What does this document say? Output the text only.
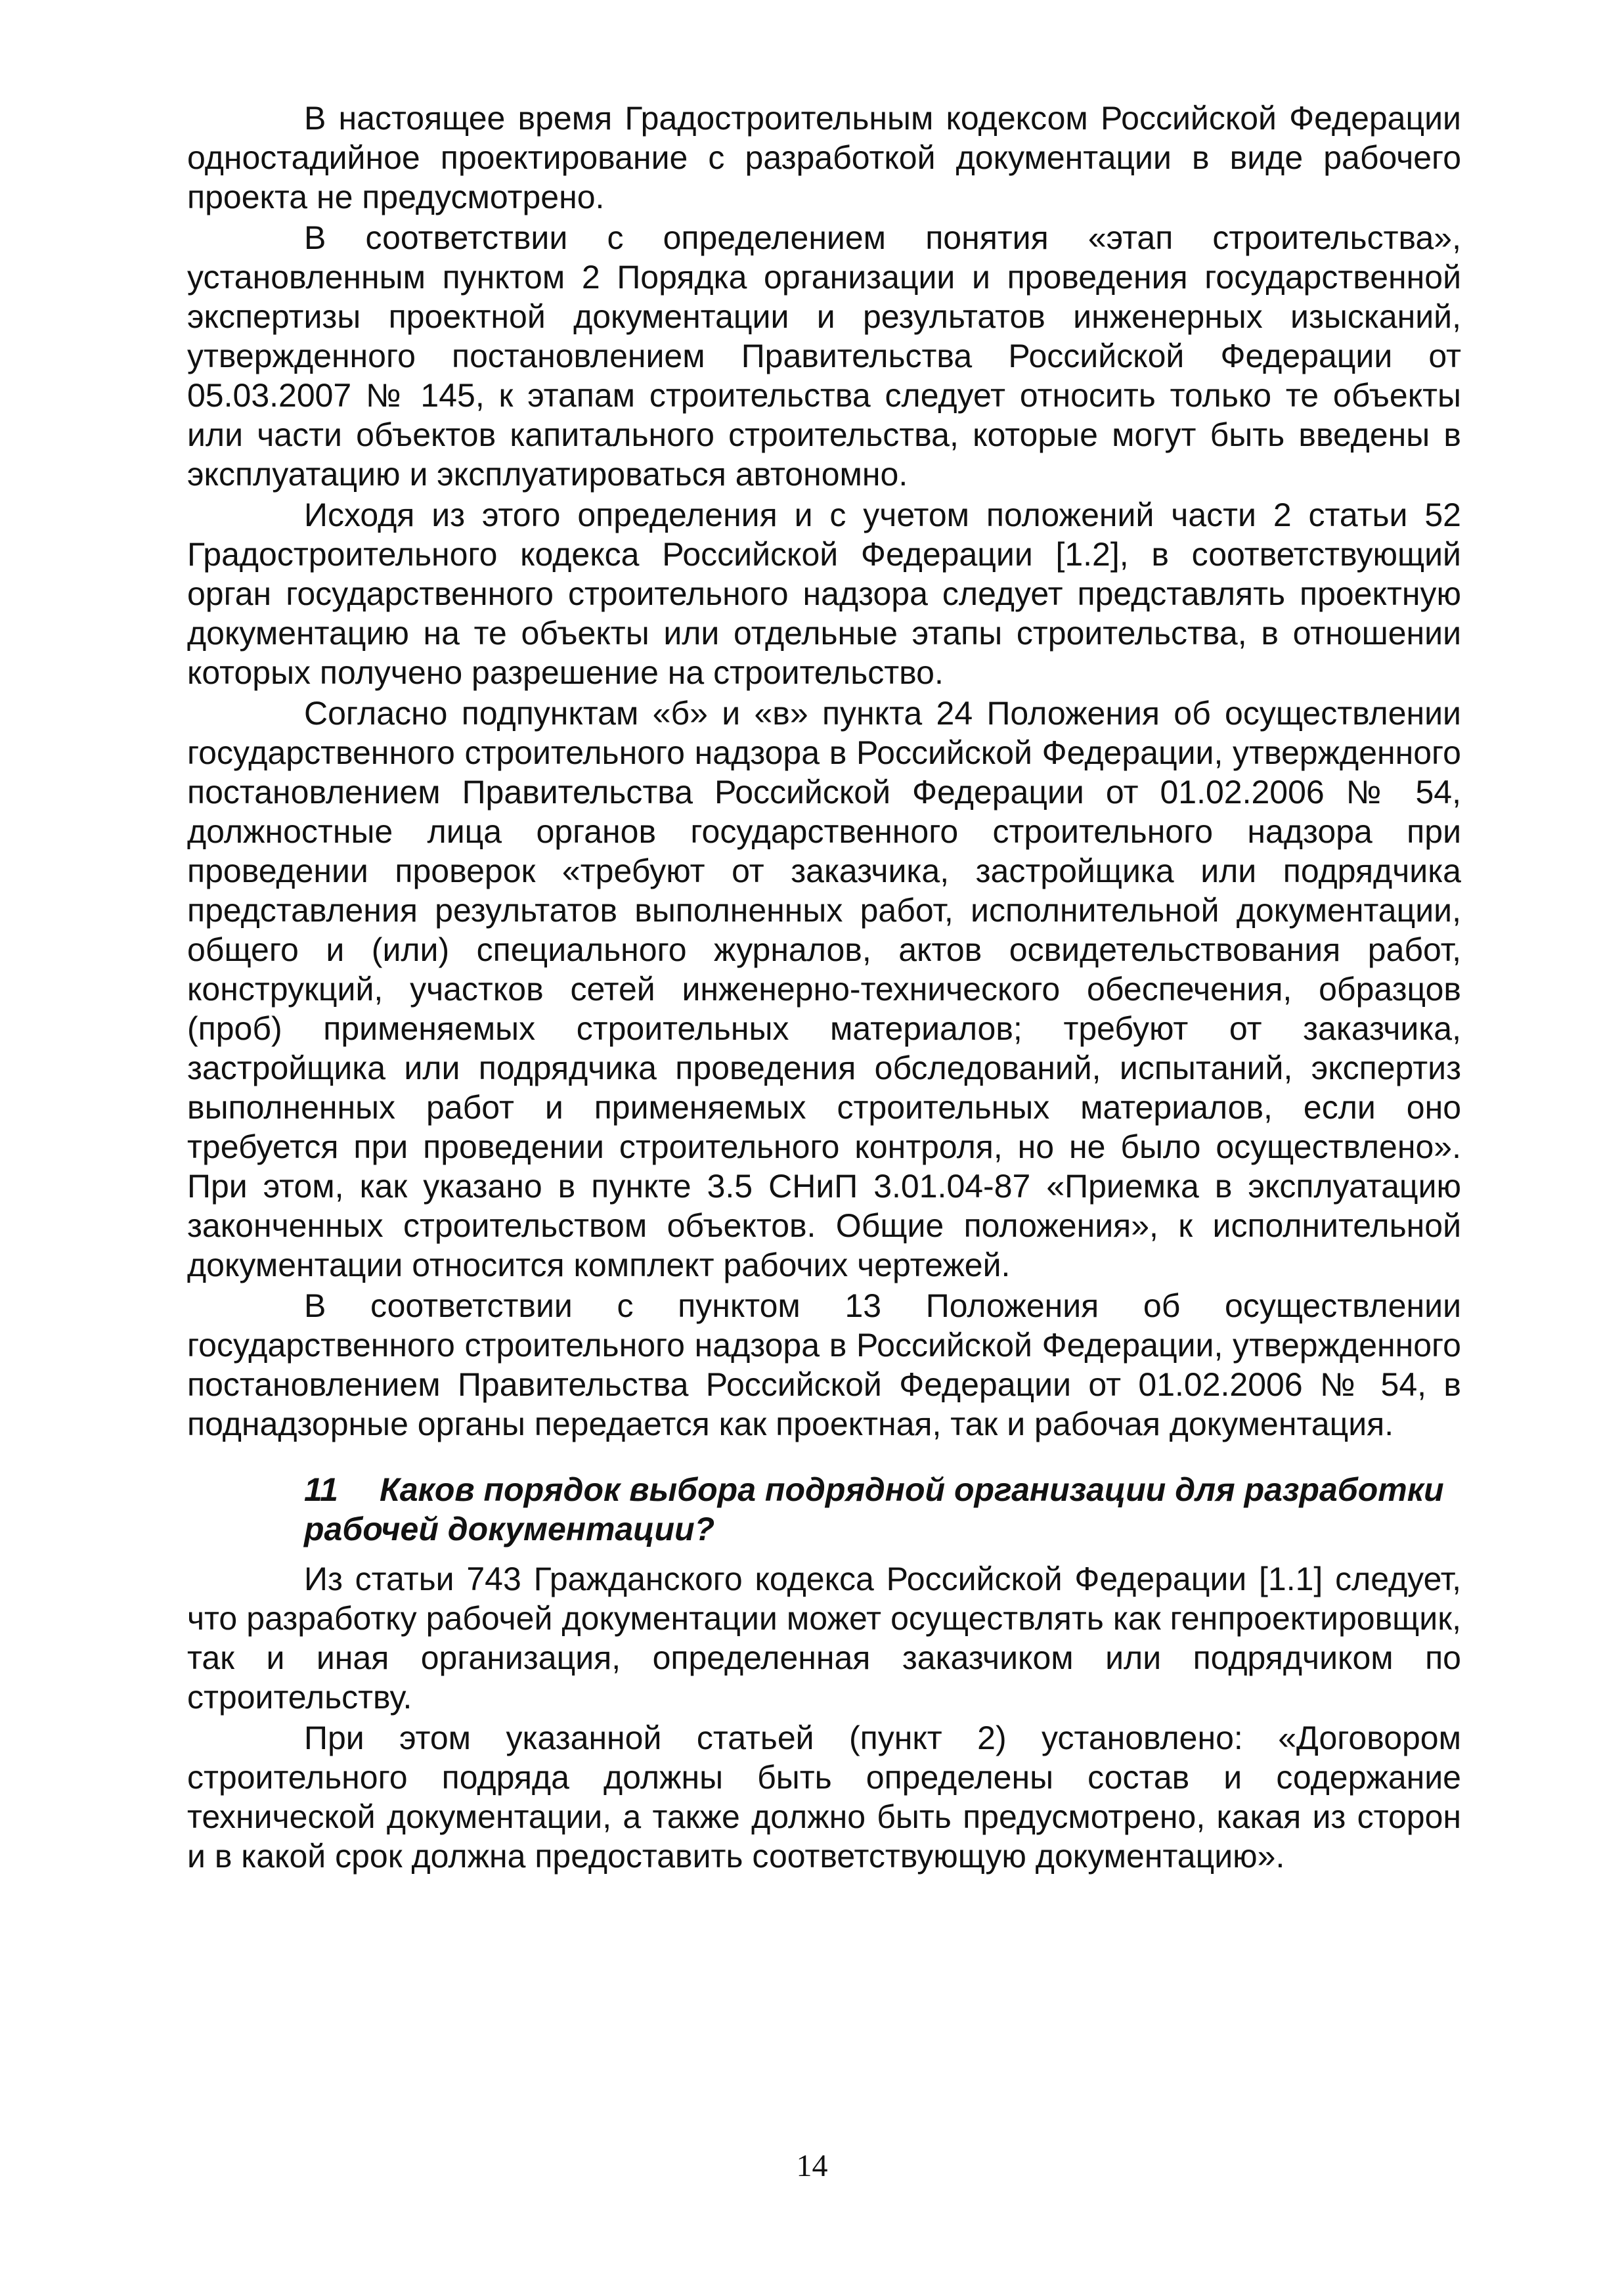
В настоящее время Градостроительным кодексом Российской Федерации одностадийное проектирование с разработкой документации в виде рабочего проекта не предусмотрено.

В соответствии с определением понятия «этап строительства», установленным пунктом 2 Порядка организации и проведения государственной экспертизы проектной документации и результатов инженерных изысканий, утвержденного постановлением Правительства Российской Федерации от 05.03.2007 № 145, к этапам строительства следует относить только те объекты или части объектов капитального строительства, которые могут быть введены в эксплуатацию и эксплуатироваться автономно.

Исходя из этого определения и с учетом положений части 2 статьи 52 Градостроительного кодекса Российской Федерации [1.2], в соответствующий орган государственного строительного надзора следует представлять проектную документацию на те объекты или отдельные этапы строительства, в отношении которых получено разрешение на строительство.

Согласно подпунктам «б» и «в» пункта 24 Положения об осуществлении государственного строительного надзора в Российской Федерации, утвержденного постановлением Правительства Российской Федерации от 01.02.2006 № 54, должностные лица органов государственного строительного надзора при проведении проверок «требуют от заказчика, застройщика или подрядчика представления результатов выполненных работ, исполнительной документации, общего и (или) специального журналов, актов освидетельствования работ, конструкций, участков сетей инженерно-технического обеспечения, образцов (проб) применяемых строительных материалов; требуют от заказчика, застройщика или подрядчика проведения обследований, испытаний, экспертиз выполненных работ и применяемых строительных материалов, если оно требуется при проведении строительного контроля, но не было осуществлено». При этом, как указано в пункте 3.5 СНиП 3.01.04-87 «Приемка в эксплуатацию законченных строительством объектов. Общие положения», к исполнительной документации относится комплект рабочих чертежей.

В соответствии с пунктом 13 Положения об осуществлении государственного строительного надзора в Российской Федерации, утвержденного постановлением Правительства Российской Федерации от 01.02.2006 № 54, в поднадзорные органы передается как проектная, так и рабочая документация.

11 Каков порядок выбора подрядной организации для разработки рабочей документации?

Из статьи 743 Гражданского кодекса Российской Федерации [1.1] следует, что разработку рабочей документации может осуществлять как генпроектировщик, так и иная организация, определенная заказчиком или подрядчиком по строительству.

При этом указанной статьей (пункт 2) установлено: «Договором строительного подряда должны быть определены состав и содержание технической документации, а также должно быть предусмотрено, какая из сторон и в какой срок должна предоставить соответствующую документацию».

14
